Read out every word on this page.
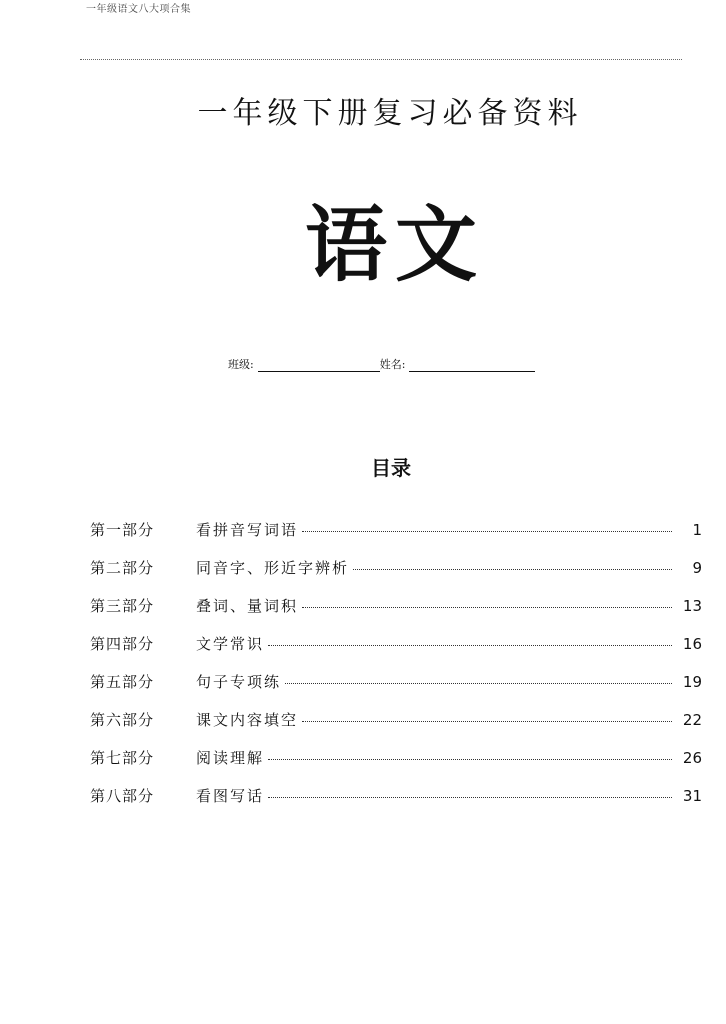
一年级语文八大项合集
一年级下册复习必备资料
语文
班级:	姓名:
目录
第一部分	看拼音写词语	1
第二部分	同音字、形近字辨析	9
第三部分	叠词、量词积	13
第四部分	文学常识	16
第五部分	句子专项练	19
第六部分	课文内容填空	22
第七部分	阅读理解	26
第八部分	看图写话	31
